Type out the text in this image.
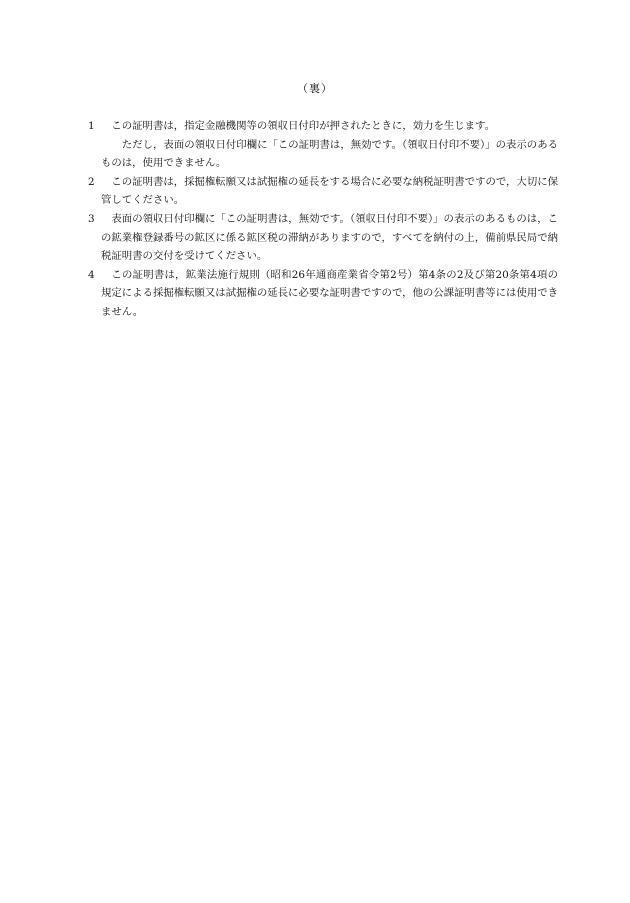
（裏）
1	この証明書は，指定金融機関等の領収日付印が押されたときに，効力を生じます。
ただし，表面の領収日付印欄に「この証明書は，無効です。（領収日付印不要）」の表示のあるものは，使用できません。
2	この証明書は，採掘権転願又は試掘権の延長をする場合に必要な納税証明書ですので，大切に保管してください。
3	表面の領収日付印欄に「この証明書は，無効です。（領収日付印不要）」の表示のあるものは，この鉱業権登録番号の鉱区に係る鉱区税の滞納がありますので，すべてを納付の上，備前県民局で納税証明書の交付を受けてください。
4	この証明書は，鉱業法施行規則（昭和26年通商産業省令第2号）第4条の2及び第20条第4項の規定による採掘権転願又は試掘権の延長に必要な証明書ですので，他の公課証明書等には使用できません。
